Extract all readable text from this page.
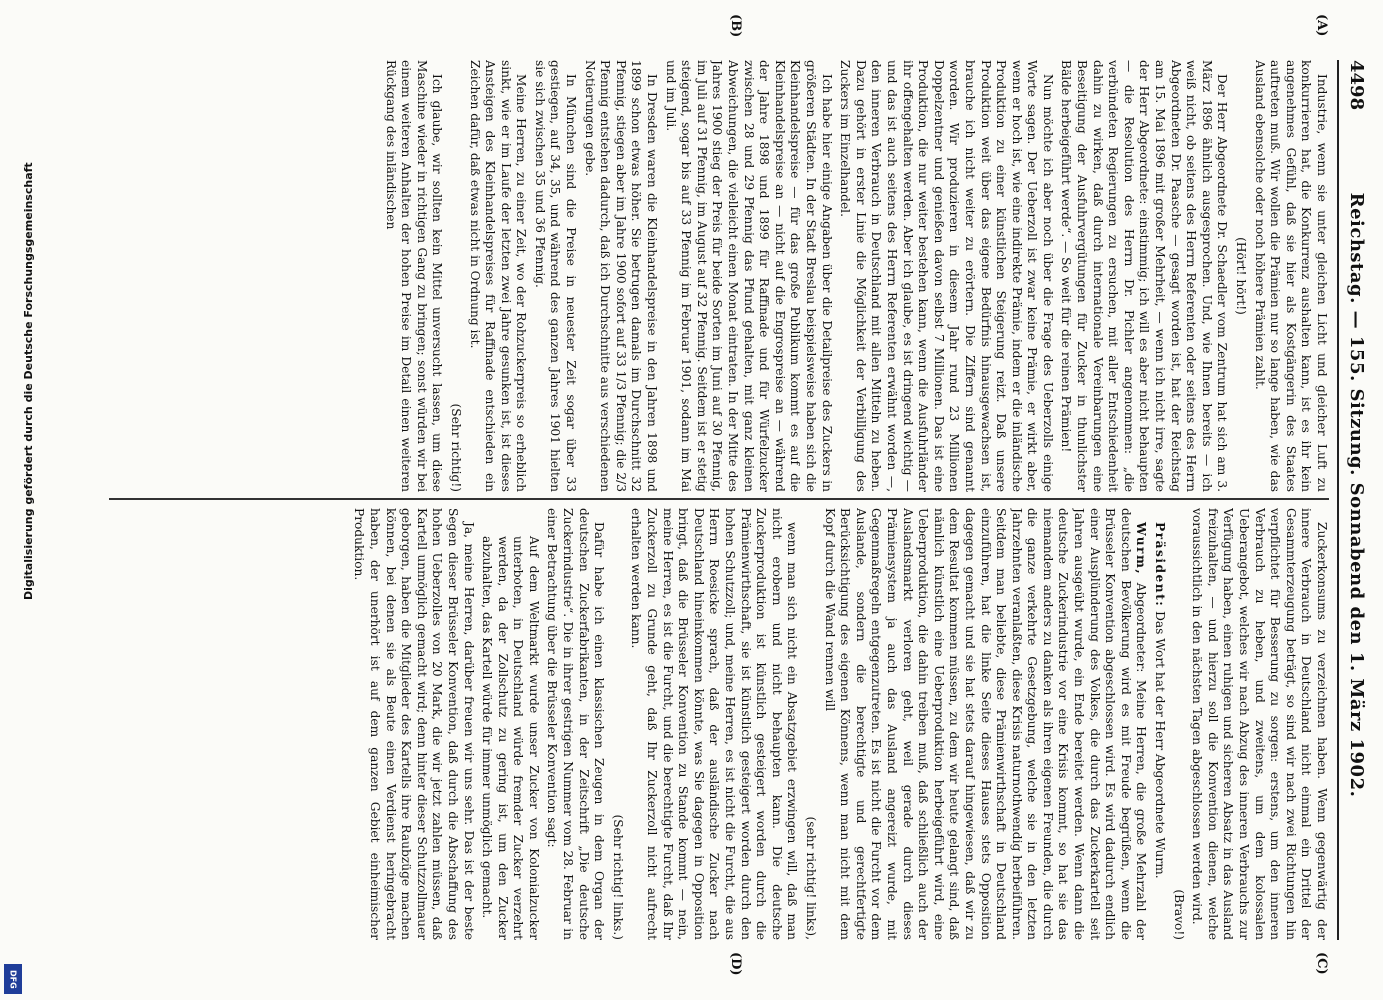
4498
Reichstag. — 155. Sitzung. Sonnabend den 1. März 1902.
(A)
(B)
(C)
(D)

Industrie, wenn sie unter gleichen Licht und gleicher Luft zu konkurrieren hat, die Konkurrenz aushalten kann, ist es ihr kein angenehmes Gefühl, daß sie hier als Kostgängerin des Staates auftreten muß. Wir wollen die Prämien nur so lange haben, wie das Ausland ebensolche oder noch höhere Prämien zahlt.

(Hört! hört!)

Der Herr Abgeordnete Dr. Schaedler vom Zentrum hat sich am 3. März 1896 ähnlich ausgesprochen. Und, wie Ihnen bereits — ich weiß nicht, ob seitens des Herrn Referenten oder seitens des Herrn Abgeordneten Dr. Paasche — gesagt worden ist, hat der Reichstag am 15. Mai 1896 mit großer Mehrheit, — wenn ich nicht irre, sagte der Herr Abgeordnete: einstimmig; ich will es aber nicht behaupten — die Resolution des Herrn Dr. Pichler angenommen: „die verbündeten Regierungen zu ersuchen, mit aller Entschiedenheit dahin zu wirken, daß durch internationale Vereinbarungen eine Beseitigung der Ausfuhrvergütungen für Zucker in thunlichster Bälde herbeigeführt werde“. — So weit für die reinen Prämien!

Nun möchte ich aber noch über die Frage des Ueberzolls einige Worte sagen. Der Ueberzoll ist zwar keine Prämie, er wirkt aber, wenn er hoch ist, wie eine indirekte Prämie, indem er die inländische Produktion zu einer künstlichen Steigerung reizt. Daß unsere Produktion weit über das eigene Bedürfnis hinausgewachsen ist, brauche ich nicht weiter zu erörtern. Die Ziffern sind genannt worden. Wir produzieren in diesem Jahr rund 23 Millionen Doppelzentner und genießen davon selbst 7 Millionen. Das ist eine Produktion, die nur weiter bestehen kann, wenn die Ausfuhrländer ihr offengehalten werden. Aber ich glaube, es ist dringend wichtig — und das ist auch seitens des Herrn Referenten erwähnt worden —, den inneren Verbrauch in Deutschland mit allen Mitteln zu heben. Dazu gehört in erster Linie die Möglichkeit der Verbilligung des Zuckers im Einzelhandel.

Ich habe hier einige Angaben über die Detailpreise des Zuckers in größeren Städten. In der Stadt Breslau beispielsweise haben sich die Kleinhandelspreise — für das große Publikum kommt es auf die Kleinhandelspreise an — nicht auf die Engrospreise an — während der Jahre 1898 und 1899 für Raffinade und für Würfelzucker zwischen 28 und 29 Pfennig das Pfund gehalten, mit ganz kleinen Abweichungen, die vielleicht einen Monat eintraten. In der Mitte des Jahres 1900 stieg der Preis für beide Sorten im Juni auf 30 Pfennig, im Juli auf 31 Pfennig, im August auf 32 Pfennig. Seitdem ist er stetig steigend, sogar bis auf 33 Pfennig im Februar 1901, sodann im Mai und im Juli.

In Dresden waren die Kleinhandelspreise in den Jahren 1898 und 1899 schon etwas höher. Sie betrugen damals im Durchschnitt 32 Pfennig, stiegen aber im Jahre 1900 sofort auf 33 1/3 Pfennig; die 2/3 Pfennig entstehen dadurch, daß ich Durchschnitte aus verschiedenen Notierungen gebe.

In München sind die Preise in neuester Zeit sogar über 33 gestiegen, auf 34, 35, und während des ganzen Jahres 1901 hielten sie sich zwischen 35 und 36 Pfennig.

Meine Herren, zu einer Zeit, wo der Rohzuckerpreis so erheblich sinkt, wie er im Laufe der letzten zwei Jahre gesunken ist, ist dieses Ansteigen des Kleinhandelspreises für Raffinade entschieden ein Zeichen dafür, daß etwas nicht in Ordnung ist.

(Sehr richtig!)

Ich glaube, wir sollten kein Mittel unversucht lassen, um diese Maschine wieder in richtigen Gang zu bringen; sonst würden wir bei einem weiteren Anhalten der hohen Preise im Detail einen weiteren Rückgang des inländischen

Zuckerkonsums zu verzeichnen haben. Wenn gegenwärtig der innere Verbrauch in Deutschland nicht einmal ein Drittel der Gesammterzeugung beträgt, so sind wir nach zwei Richtungen hin verpflichtet für Besserung zu sorgen: erstens, um den inneren Verbrauch zu heben, und zweitens, um dem kolossalen Ueberangebot, welches wir nach Abzug des inneren Verbrauchs zur Verfügung haben, einen ruhigen und sicheren Absatz in das Ausland freizuhalten, — und hierzu soll die Konvention dienen, welche voraussichtlich in den nächsten Tagen abgeschlossen werden wird.

(Bravo!)

Präsident: Das Wort hat der Herr Abgeordnete Wurm.

Wurm, Abgeordneter: Meine Herren, die große Mehrzahl der deutschen Bevölkerung wird es mit Freude begrüßen, wenn die Brüsseler Konvention abgeschlossen wird. Es wird dadurch endlich einer Ausplünderung des Volkes, die durch das Zuckerkartell seit Jahren ausgeübt wurde, ein Ende bereitet werden. Wenn dann die deutsche Zuckerindustrie vor eine Krisis kommt, so hat sie das niemandem anders zu danken als ihren eigenen Freunden, die durch die ganze verkehrte Gesetzgebung, welche sie in den letzten Jahrzehnten veranlaßten, diese Krisis naturnothwendig herbeiführen. Seitdem man beliebte, diese Prämienwirthschaft in Deutschland einzuführen, hat die linke Seite dieses Hauses stets Opposition dagegen gemacht und sie hat stets darauf hingewiesen, daß wir zu dem Resultat kommen müssen, zu dem wir heute gelangt sind, daß nämlich künstlich eine Ueberproduktion herbeigeführt wird, eine Ueberproduktion, die dahin treiben muß, daß schließlich auch der Auslandsmarkt verloren geht, weil gerade durch dieses Prämiensystem ja auch das Ausland angereizt wurde, mit Gegenmaßregeln entgegenzutreten. Es ist nicht die Furcht vor dem Auslande, sondern die berechtigte und gerechtfertigte Berücksichtigung des eigenen Könnens, wenn man nicht mit dem Kopf durch die Wand rennen will

(sehr richtig! links),

wenn man sich nicht ein Absatzgebiet erzwingen will, daß man nicht erobern und nicht behaupten kann. Die deutsche Zuckerproduktion ist künstlich gesteigert worden durch die Prämienwirthschaft, sie ist künstlich gesteigert worden durch den hohen Schutzzoll; und, meine Herren, es ist nicht die Furcht, die aus Herrn Roesicke sprach, daß der ausländische Zucker nach Deutschland hineinkommen könnte, was Sie dagegen in Opposition bringt, daß die Brüsseler Konvention zu Stande kommt — nein, meine Herren, es ist die Furcht, und die berechtigte Furcht, daß Ihr Zuckerzoll zu Grunde geht, daß Ihr Zuckerzoll nicht aufrecht erhalten werden kann.

(Sehr richtig! links.)

Dafür habe ich einen klassischen Zeugen in dem Organ der deutschen Zuckerfabrikanten, in der Zeitschrift „Die deutsche Zuckerindustrie“. Die in ihrer gestrigen Nummer vom 28. Februar in einer Betrachtung über die Brüsseler Konvention sagt:

Auf dem Weltmarkt wurde unser Zucker von Kolonialzucker unterboten, in Deutschland würde fremder Zucker verzehrt werden, da der Zollschutz zu gering ist, um den Zucker abzuhalten, das Kartell würde für immer unmöglich gemacht.

Ja, meine Herren, darüber freuen wir uns sehr. Das ist der beste Segen dieser Brüsseler Konvention, daß durch die Abschaffung des hohen Ueberzolles von 20 Mark, die wir jetzt zahlen müssen, daß Kartell unmöglich gemacht wird; denn hinter dieser Schutzzollmauer geborgen, haben die Mitglieder des Kartells ihre Raubzüge machen können, bei denen sie als Beute einen Verdienst heringebracht haben, der unerhört ist auf dem ganzen Gebiet einheimischer Produktion.

Digitalisierung gefördert durch die Deutsche Forschungsgemeinschaft
DFG
